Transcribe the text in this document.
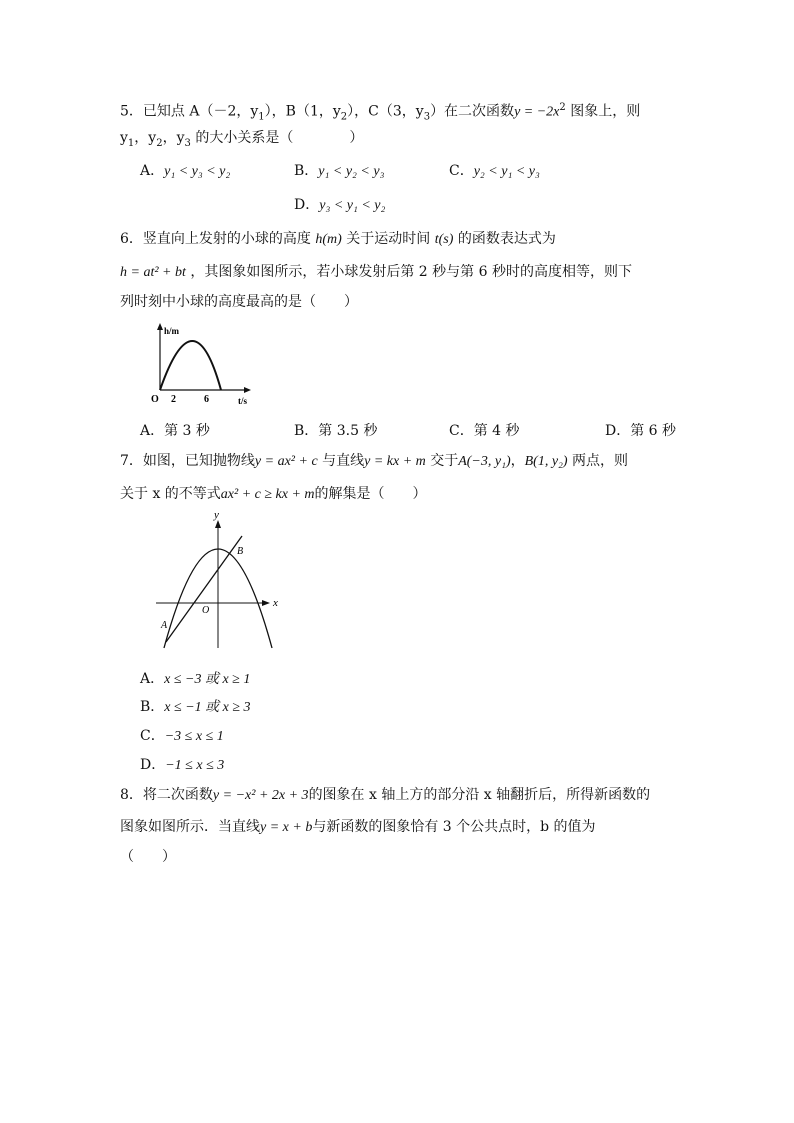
5．已知点 A（－2，$y_1$），B（1，$y_2$），C（3，$y_3$）在二次函数$y = -2x^2$ 图象上，则
$y_1$，$y_2$，$y_3$ 的大小关系是（　　　　）
A．y₁ < y₃ < y₂	B．y₁ < y₂ < y₃	C．y₂ < y₁ < y₃
D．y₃ < y₁ < y₂
6．竖直向上发射的小球的高度 h(m) 关于运动时间 t(s) 的函数表达式为
h = at² + bt ，其图象如图所示，若小球发射后第 2 秒与第 6 秒时的高度相等，则下
列时刻中小球的高度最高的是（　　）
h/m
O 2	6	t/s
A．第 3 秒	B．第 3.5 秒	C．第 4 秒	D．第 6 秒
7．如图，已知抛物线y = ax² + c 与直线y = kx + m 交于A(−3, y₁)，B(1, y₂) 两点，则
关于 x 的不等式ax² + c ≥ kx + m的解集是（　　）
y
x
O
A
B
A．x ≤ −3 或 x ≥ 1
B．x ≤ −1 或 x ≥ 3
C．−3 ≤ x ≤ 1
D．−1 ≤ x ≤ 3
8．将二次函数y = −x² + 2x + 3的图象在 x 轴上方的部分沿 x 轴翻折后，所得新函数的
图象如图所示．当直线y = x + b与新函数的图象恰有 3 个公共点时，b 的值为
（　　）
